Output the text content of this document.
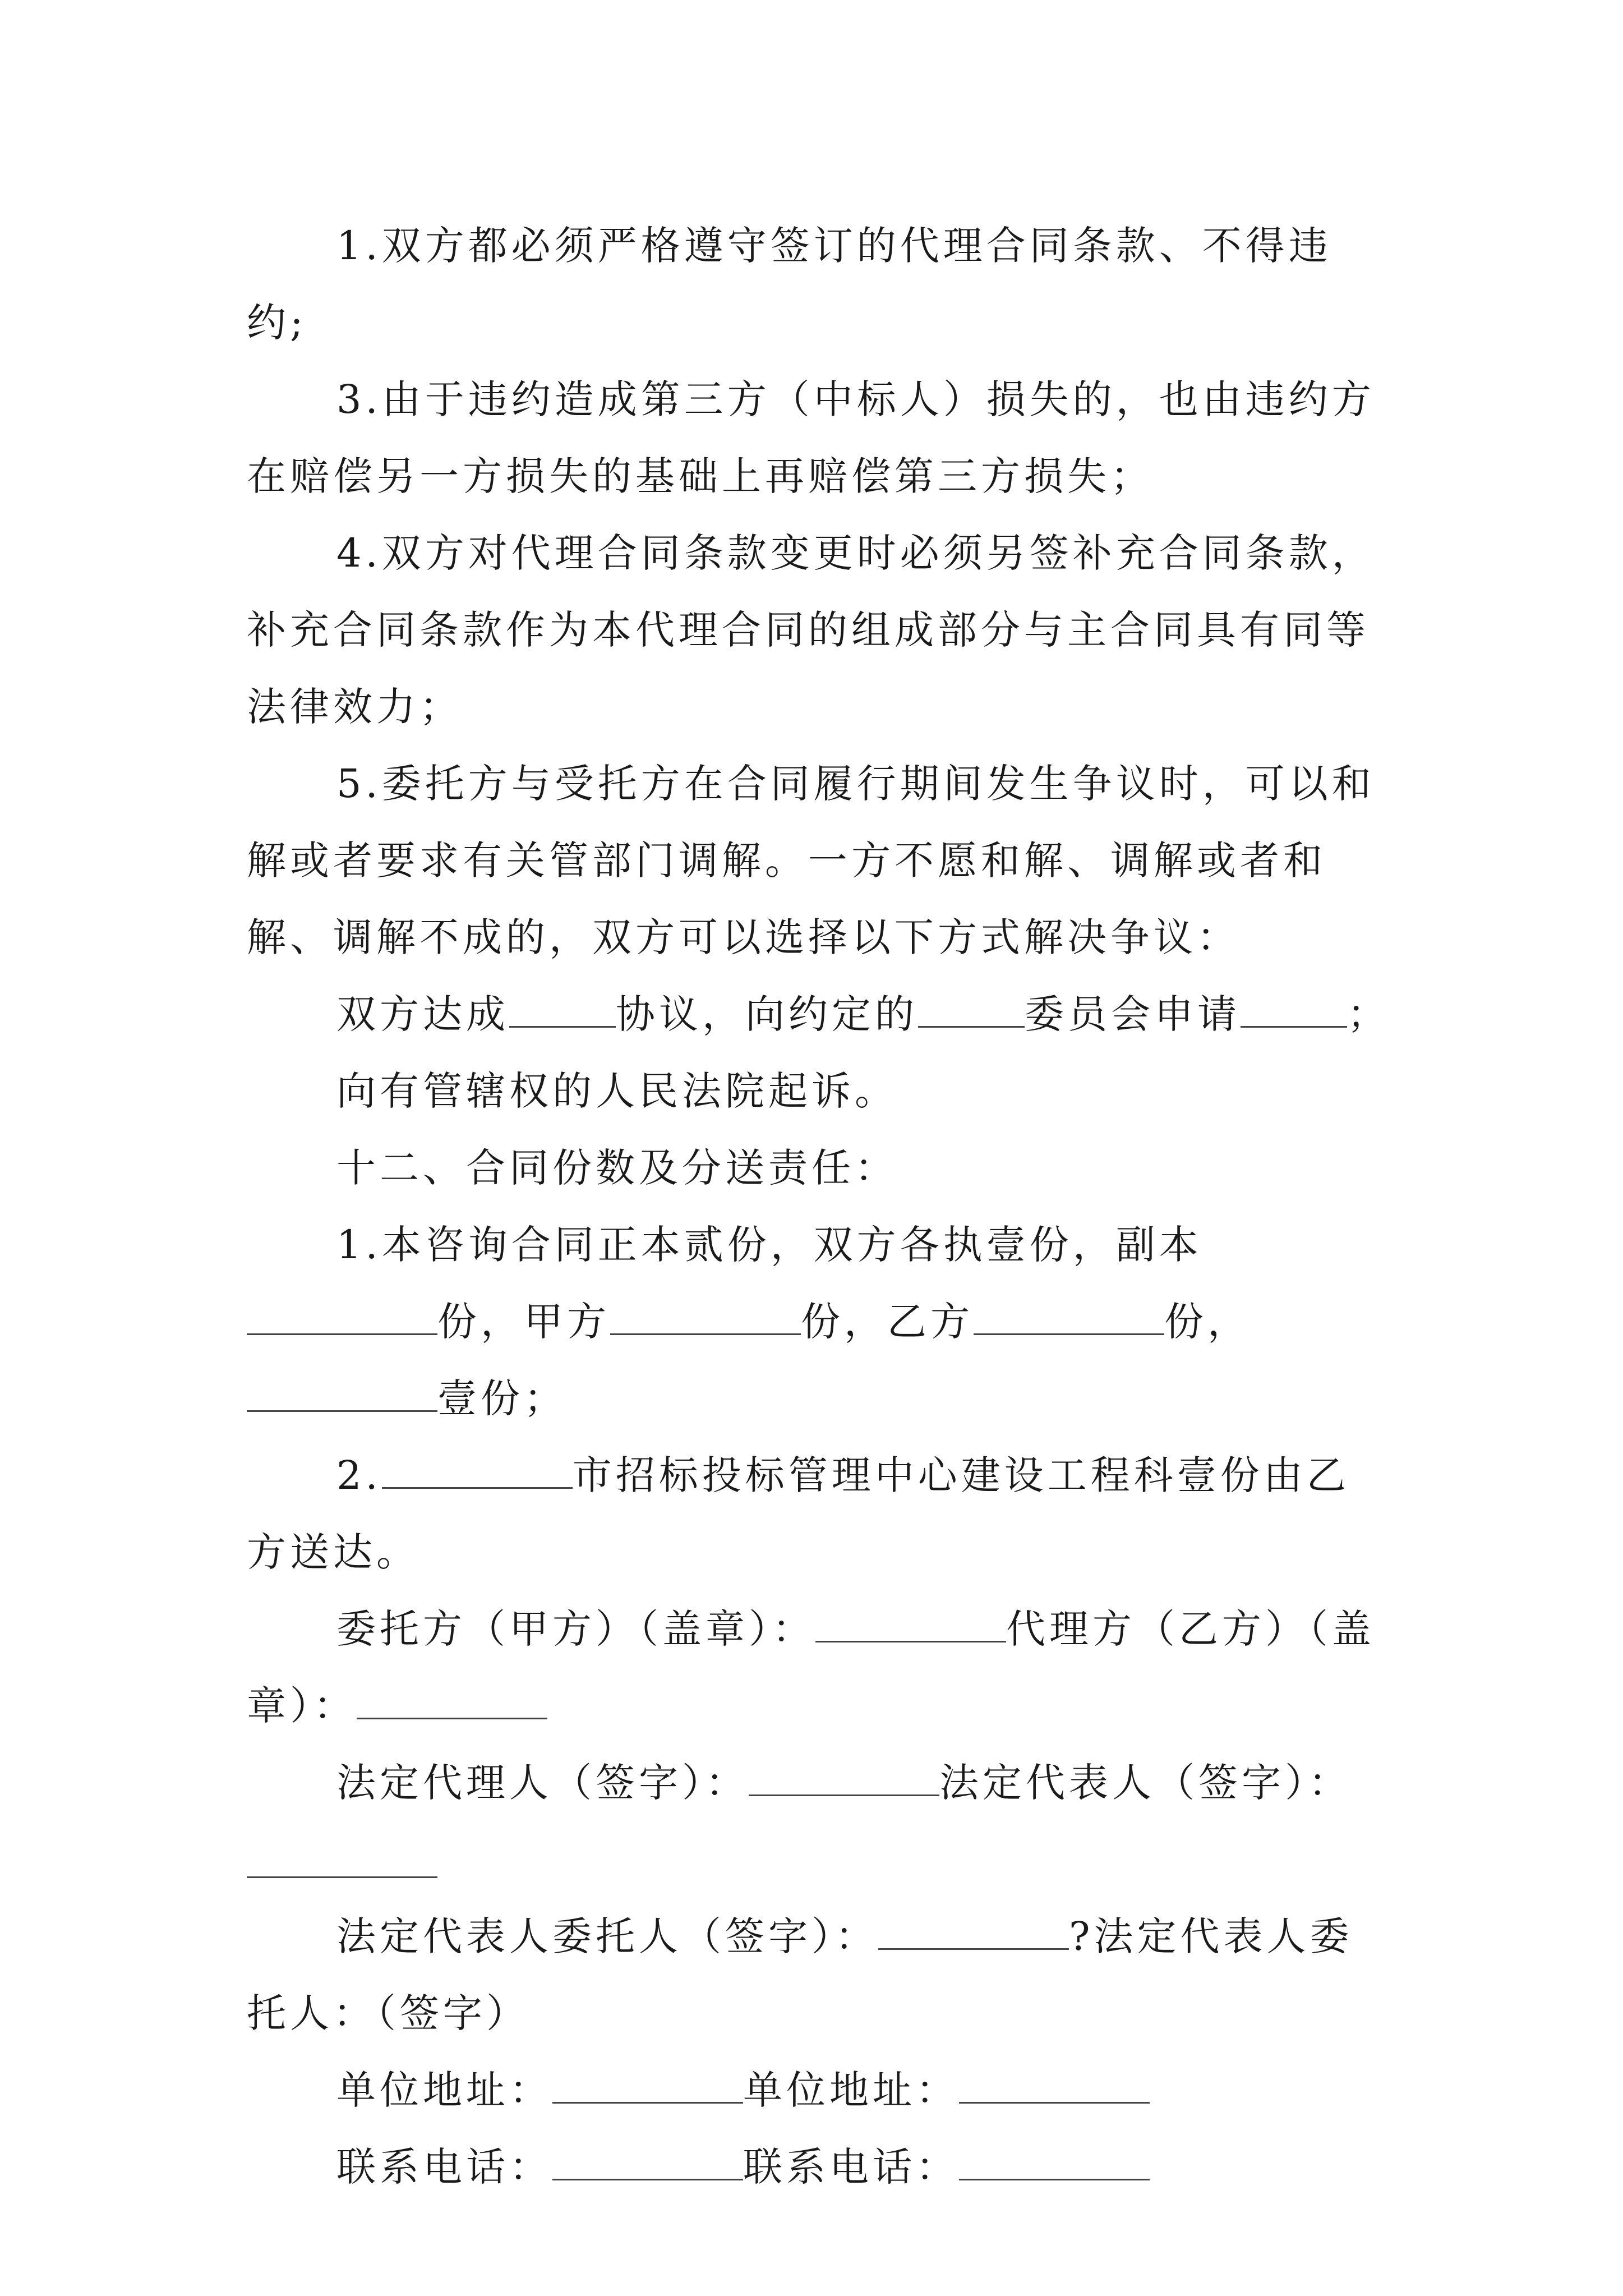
1.双方都必须严格遵守签订的代理合同条款、不得违约;

3.由于违约造成第三方（中标人）损失的，也由违约方在赔偿另一方损失的基础上再赔偿第三方损失；

4.双方对代理合同条款变更时必须另签补充合同条款，补充合同条款作为本代理合同的组成部分与主合同具有同等法律效力；

5.委托方与受托方在合同履行期间发生争议时，可以和解或者要求有关管部门调解。一方不愿和解、调解或者和解、调解不成的，双方可以选择以下方式解决争议：

双方达成	协议，向约定的	委员会申请	；

向有管辖权的人民法院起诉。

十二、合同份数及分送责任：

1.本咨询合同正本贰份，双方各执壹份，副本份，甲方	份，乙方	份，壹份；

2.	市招标投标管理中心建设工程科壹份由乙方送达。

委托方（甲方）（盖章）：	代理方（乙方）（盖章）：

法定代理人（签字）：	法定代表人（签字）：

法定代表人委托人（签字）：	?法定代表人委托人：（签字）

单位地址：	单位地址：

联系电话：	联系电话：
